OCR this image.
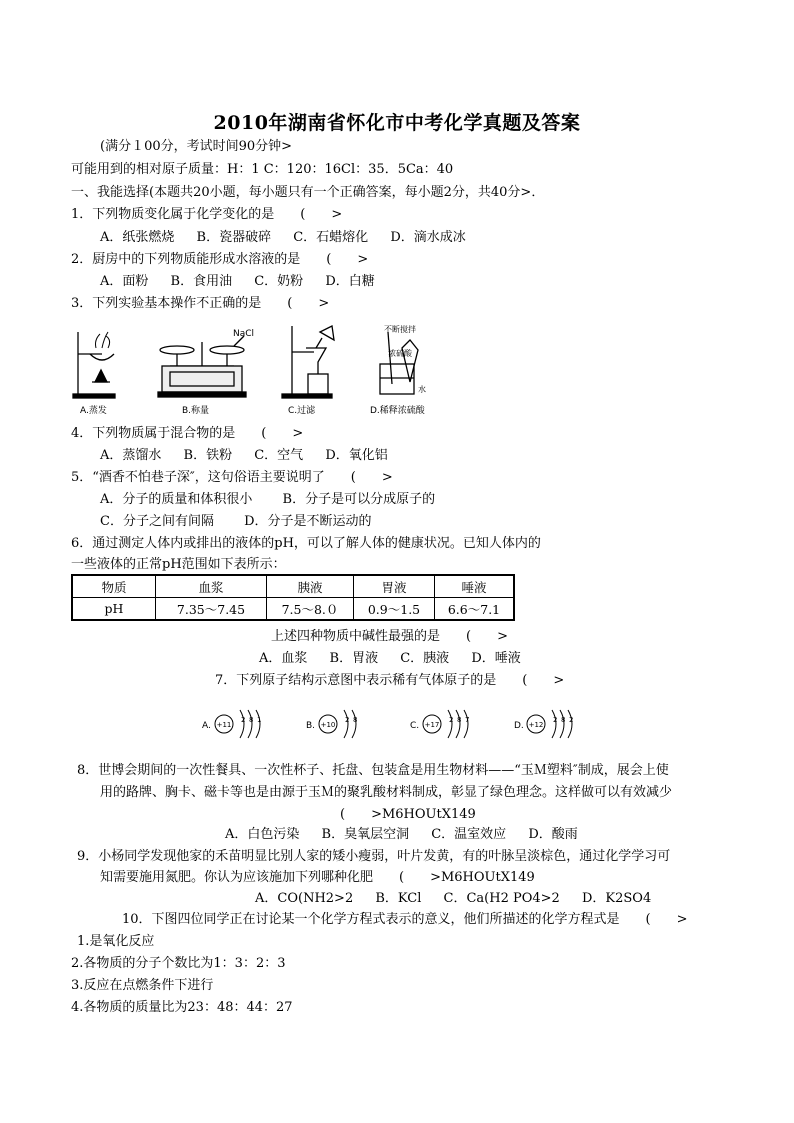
2010年湖南省怀化市中考化学真题及答案
(满分１00分，考试时间90分钟>
可能用到的相对原子质量：H：1 C：120：16Cl：35．5Ca：40
一、我能选择(本题共20小题，每小题只有一个正确答案，每小题2分，共40分>．
1．下列物质变化属于化学变化的是　　(　　>
A．纸张燃烧 B．瓷器破碎 C．石蜡熔化 D．滴水成冰
2．厨房中的下列物质能形成水溶液的是　　(　　>
A．面粉 B．食用油 C．奶粉 D．白糖
3．下列实验基本操作不正确的是　　(　　>
A.蒸发
NaCl
B.称量	C.过滤
不断搅拌
浓硫酸
水
D.稀释浓硫酸
4．下列物质属于混合物的是　　(　　>
A．蒸馏水 B．铁粉 C．空气 D．氧化铝
5．“酒香不怕巷子深″，这句俗语主要说明了　　(　　>
A．分子的质量和体积很小 B．分子是可以分成原子的
C．分子之间有间隔 D．分子是不断运动的
6．通过测定人体内或排出的液体的pH，可以了解人体的健康状况。已知人体内的
一些液体的正常pH范围如下表所示：
物质	血浆	胰液	胃液	唾液
pH	7.35～7.45	7.5～8.０	0.9～1.5	6.6～7.1
上述四种物质中碱性最强的是　　(　　>
A．血浆 B．胃液 C．胰液 D．唾液
7．下列原子结构示意图中表示稀有气体原子的是　　(　　>
A. +11
2 8 1
B. +10
2 8
C. +17
2 8 7
D. +12
2 8 2
8．世博会期间的一次性餐具、一次性杯子、托盘、包装盒是用生物材料——“玉Ｍ塑料″制成，展会上使
用的路牌、胸卡、磁卡等也是由源于玉Ｍ的聚乳酸材料制成，彰显了绿色理念。这样做可以有效减少
(　　>M6HOUtX149
A．白色污染 B．臭氧层空洞 C．温室效应 D．酸雨
9．小杨同学发现他家的禾苗明显比别人家的矮小瘦弱，叶片发黄，有的叶脉呈淡棕色，通过化学学习可
知需要施用氮肥。你认为应该施加下列哪种化肥　　(　　>M6HOUtX149
A．CO(NH2>2 B．KCl C．Ca(H2 PO4>2 D．K2SO4
10．下图四位同学正在讨论某一个化学方程式表示的意义，他们所描述的化学方程式是　　(　　>
1.是氧化反应
2.各物质的分子个数比为1：3：2：3
3.反应在点燃条件下进行
4.各物质的质量比为23：48：44：27
